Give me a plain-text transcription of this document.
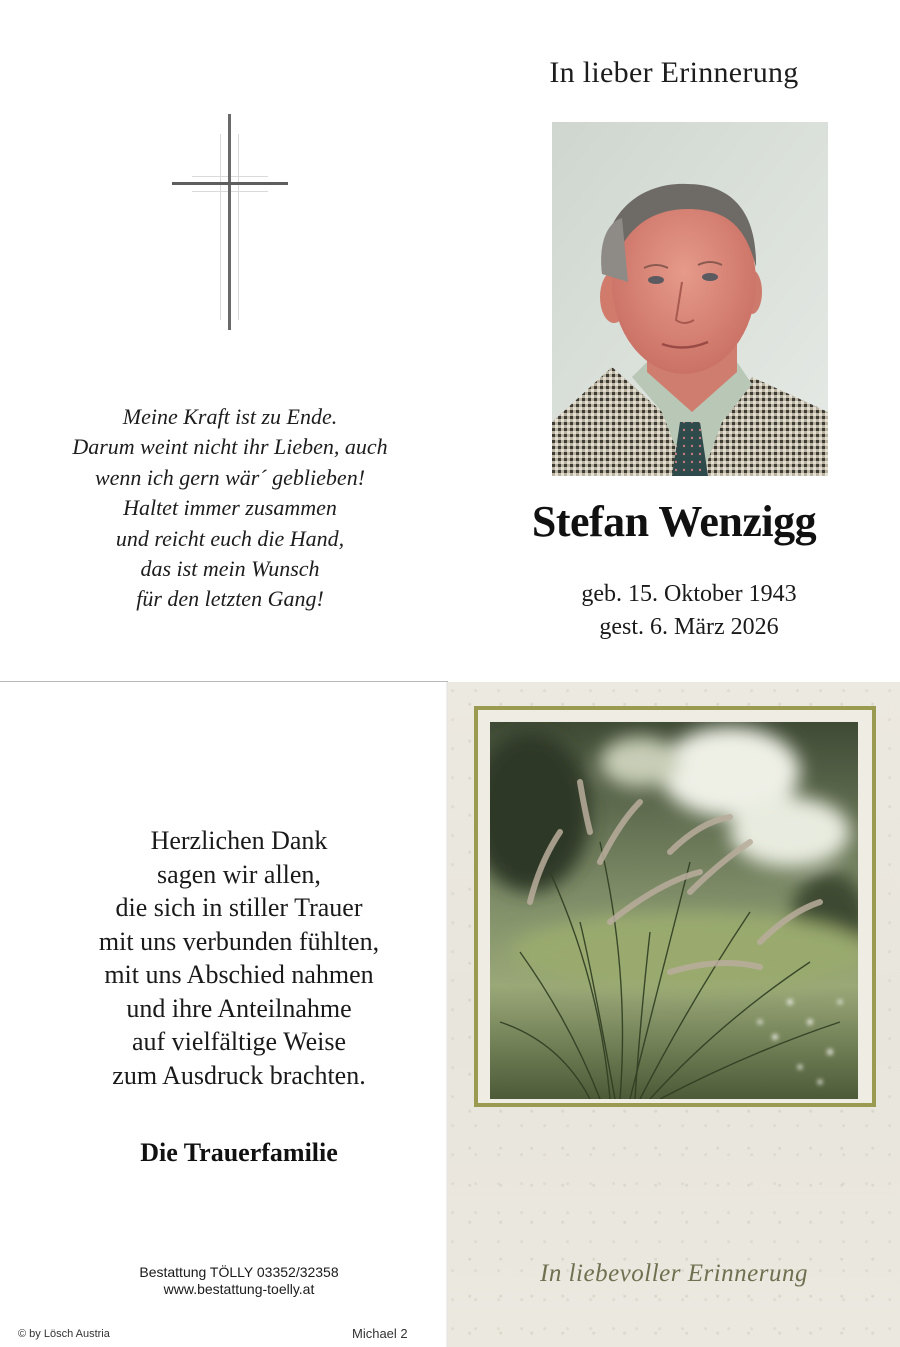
Meine Kraft ist zu Ende.
Darum weint nicht ihr Lieben, auch
wenn ich gern wär´ geblieben!
Haltet immer zusammen
und reicht euch die Hand,
das ist mein Wunsch
für den letzten Gang!
In lieber Erinnerung
Stefan Wenzigg
geb. 15. Oktober 1943
gest. 6. März 2026
Herzlichen Dank
sagen wir allen,
die sich in stiller Trauer
mit uns verbunden fühlten,
mit uns Abschied nahmen
und ihre Anteilnahme
auf vielfältige Weise
zum Ausdruck brachten.
Die Trauerfamilie
Bestattung TÖLLY 03352/32358
www.bestattung-toelly.at
© by Lösch Austria	Michael 2
In liebevoller Erinnerung
